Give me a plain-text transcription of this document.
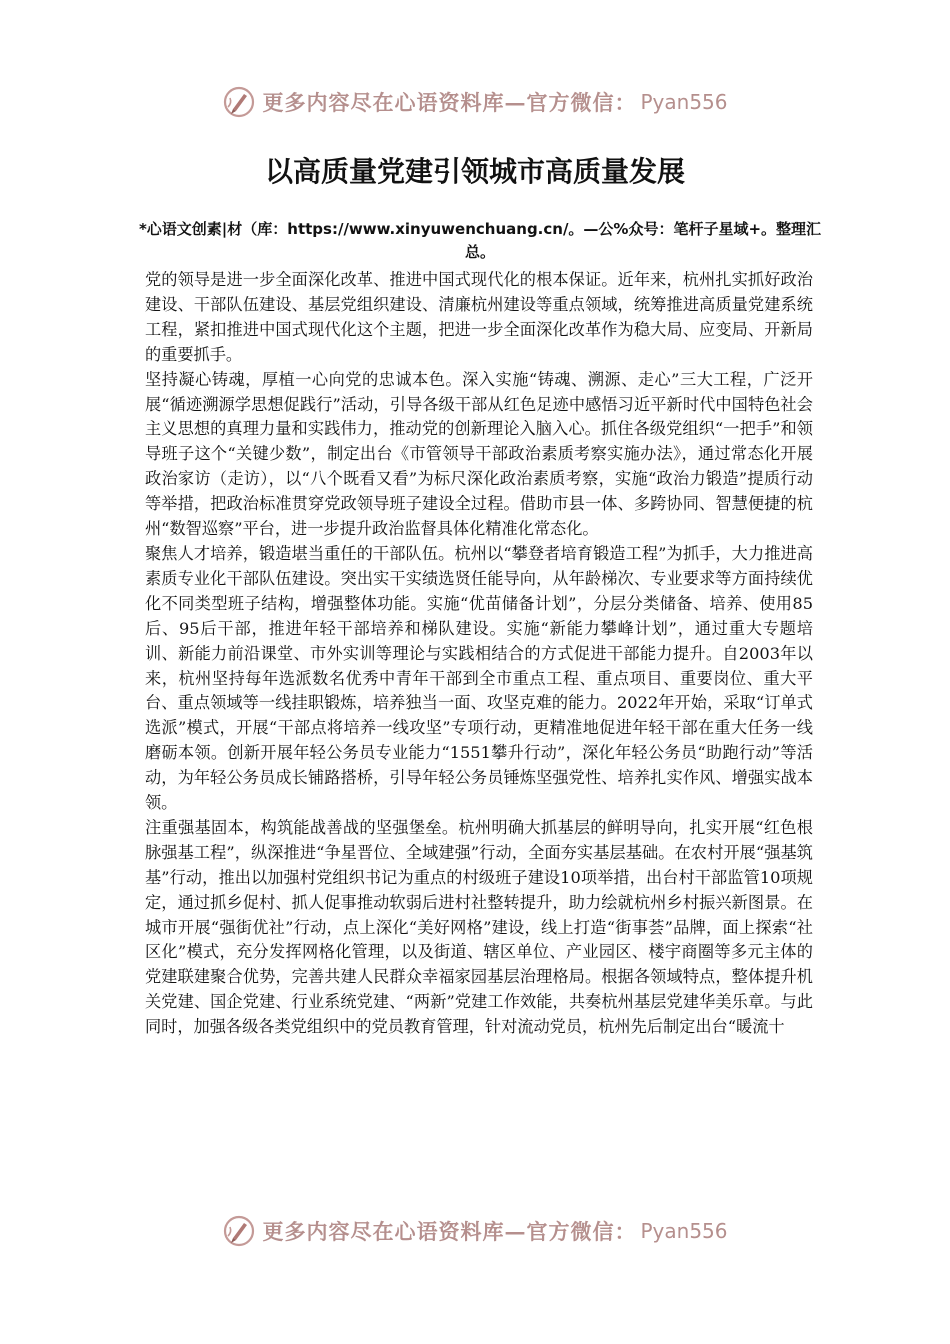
更多内容尽在心语资料库—官方微信： Pyan556
以高质量党建引领城市高质量发展
*心语文创素|材（库：https://www.xinyuwenchuang.cn/。—公%众号：笔杆子星域+。整理汇总。

党的领导是进一步全面深化改革、推进中国式现代化的根本保证。近年来，杭州扎实抓好政治建设、干部队伍建设、基层党组织建设、清廉杭州建设等重点领域，统筹推进高质量党建系统工程，紧扣推进中国式现代化这个主题，把进一步全面深化改革作为稳大局、应变局、开新局的重要抓手。

坚持凝心铸魂，厚植一心向党的忠诚本色。深入实施“铸魂、溯源、走心”三大工程，广泛开展“循迹溯源学思想促践行”活动，引导各级干部从红色足迹中感悟习近平新时代中国特色社会主义思想的真理力量和实践伟力，推动党的创新理论入脑入心。抓住各级党组织“一把手”和领导班子这个“关键少数”，制定出台《市管领导干部政治素质考察实施办法》，通过常态化开展政治家访（走访），以“八个既看又看”为标尺深化政治素质考察，实施“政治力锻造”提质行动等举措，把政治标准贯穿党政领导班子建设全过程。借助市县一体、多跨协同、智慧便捷的杭州“数智巡察”平台，进一步提升政治监督具体化精准化常态化。

聚焦人才培养，锻造堪当重任的干部队伍。杭州以“攀登者培育锻造工程”为抓手，大力推进高素质专业化干部队伍建设。突出实干实绩选贤任能导向，从年龄梯次、专业要求等方面持续优化不同类型班子结构，增强整体功能。实施“优苗储备计划”，分层分类储备、培养、使用85后、95后干部，推进年轻干部培养和梯队建设。实施“新能力攀峰计划”，通过重大专题培训、新能力前沿课堂、市外实训等理论与实践相结合的方式促进干部能力提升。自2003年以来，杭州坚持每年选派数名优秀中青年干部到全市重点工程、重点项目、重要岗位、重大平台、重点领域等一线挂职锻炼，培养独当一面、攻坚克难的能力。2022年开始，采取“订单式选派”模式，开展“干部点将培养一线攻坚”专项行动，更精准地促进年轻干部在重大任务一线磨砺本领。创新开展年轻公务员专业能力“1551攀升行动”，深化年轻公务员“助跑行动”等活动，为年轻公务员成长铺路搭桥，引导年轻公务员锤炼坚强党性、培养扎实作风、增强实战本领。

注重强基固本，构筑能战善战的坚强堡垒。杭州明确大抓基层的鲜明导向，扎实开展“红色根脉强基工程”，纵深推进“争星晋位、全域建强”行动，全面夯实基层基础。在农村开展“强基筑基”行动，推出以加强村党组织书记为重点的村级班子建设10项举措，出台村干部监管10项规定，通过抓乡促村、抓人促事推动软弱后进村社整转提升，助力绘就杭州乡村振兴新图景。在城市开展“强街优社”行动，点上深化“美好网格”建设，线上打造“街事荟”品牌，面上探索“社区化”模式，充分发挥网格化管理，以及街道、辖区单位、产业园区、楼宇商圈等多元主体的党建联建聚合优势，完善共建人民群众幸福家园基层治理格局。根据各领域特点，整体提升机关党建、国企党建、行业系统党建、“两新”党建工作效能，共奏杭州基层党建华美乐章。与此同时，加强各级各类党组织中的党员教育管理，针对流动党员，杭州先后制定出台“暖流十

更多内容尽在心语资料库—官方微信： Pyan556
